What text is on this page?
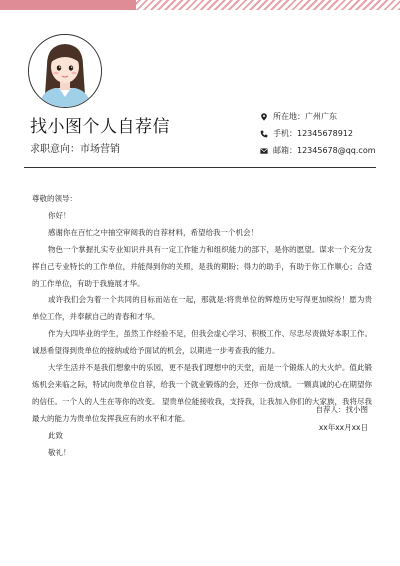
找小图个人自荐信
求职意向：市场营销
所在地：广州广东
手机：12345678912
邮箱：12345678@qq.com

尊敬的领导：

你好！

感谢你在百忙之中抽空审阅我的自荐材料，希望给我一个机会！

物色一个掌握扎实专业知识并具有一定工作能力和组织能力的部下，是你的愿望。谋求一个充分发挥自己专业特长的工作单位，并能得到你的关照，是我的期盼；得力的助手，有助于你工作顺心；合适的工作单位，有助于我施展才华。

或许我们会为着一个共同的目标而站在一起，那就是:将贵单位的辉煌历史写得更加缤纷！愿为贵单位工作，并奉献自己的青春和才华。

作为大四毕业的学生，虽然工作经验不足，但我会虚心学习、积极工作、尽忠尽责做好本职工作。诚恳希望得到贵单位的接纳或给予面试的机会，以期进一步考查我的能力。

大学生活并不是我们想象中的乐园，更不是我们理想中的天堂，而是一个锻炼人的大火炉。值此锻炼机会来临之际，特试向贵单位自荐，给我一个就业锻炼的会，还你一份成绩。一颗真诚的心在期望你的信任。一个人的人生在等你的改变。 望贵单位能接收我，支持我，让我加入你们的大家族，我将尽我最大的能力为贵单位发挥我应有的水平和才能。

此致

敬礼！

自荐人：找小图
xx年xx月xx日
